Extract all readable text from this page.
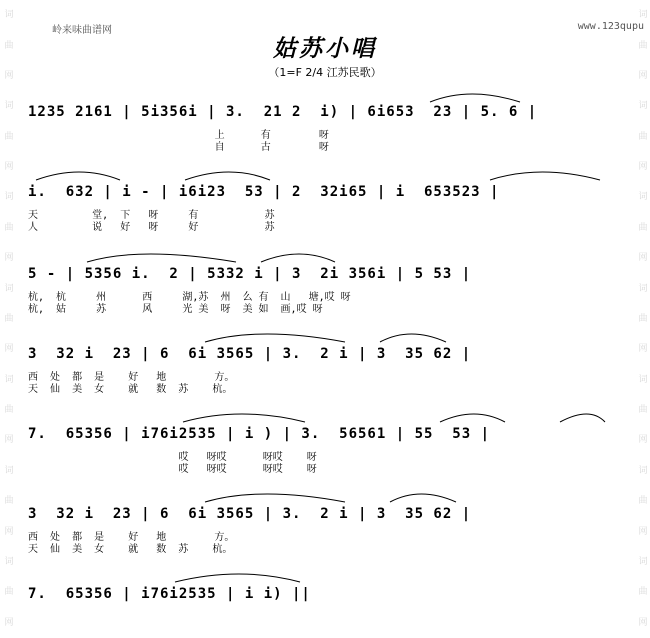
词
曲
网
词
曲
网
词
曲
网
词
曲
网
词
曲
网
词
曲
网
词
曲
网
词
曲
网
词
曲
网
词
曲
网
词
曲
网
词
曲
网
词
曲
网
词
曲
网
岭来味曲谱网	www.123qupu
姑苏小唱
（1=F 2/4 江苏民歌）
1235 2161 | 5i356i | 3.  21 2  i) | 6i653  23 | 5. 6 |
上      有        呀
自      古        呀
i.  632 | i - | i6i23  53 | 2  32i65 | i  653523 |
天         堂,  下   呀     有           苏
人         说   好   呀     好           苏
5 - | 5356 i.  2 | 5332 i | 3  2i 356i | 5 53 |
杭,  杭     州      西     湖,苏  州  么 有  山   塘,哎 呀
杭,  姑     苏      风     光 美  呀  美 如  画,哎 呀
3  32 i  23 | 6  6i 3565 | 3.  2 i | 3  35 62 |
西  处  都  是    好   地        方。
天  仙  美  女    就   数  苏    杭。
7.  65356 | i76i2535 | i ) | 3.  56561 | 55  53 |
哎   呀哎      呀哎    呀
哎   呀哎      呀哎    呀
3  32 i  23 | 6  6i 3565 | 3.  2 i | 3  35 62 |
西  处  都  是    好   地        方。
天  仙  美  女    就   数  苏    杭。
7.  65356 | i76i2535 | i i) ||
